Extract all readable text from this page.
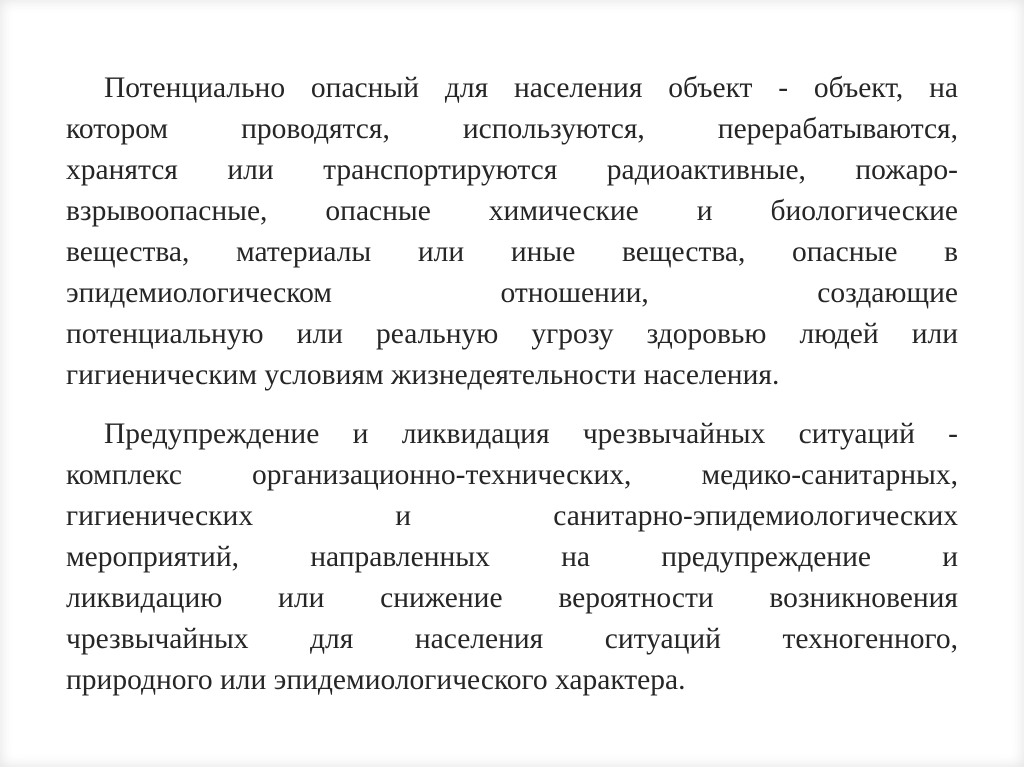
Потенциально опасный для населения объект - объект, на
котором проводятся, используются, перерабатываются,
хранятся или транспортируются радиоактивные, пожаро-
взрывоопасные, опасные химические и биологические
вещества, материалы или иные вещества, опасные в
эпидемиологическом отношении, создающие
потенциальную или реальную угрозу здоровью людей или
гигиеническим условиям жизнедеятельности населения.
Предупреждение и ликвидация чрезвычайных ситуаций -
комплекс организационно-технических, медико-санитарных,
гигиенических и санитарно-эпидемиологических
мероприятий, направленных на предупреждение и
ликвидацию или снижение вероятности возникновения
чрезвычайных для населения ситуаций техногенного,
природного или эпидемиологического характера.
